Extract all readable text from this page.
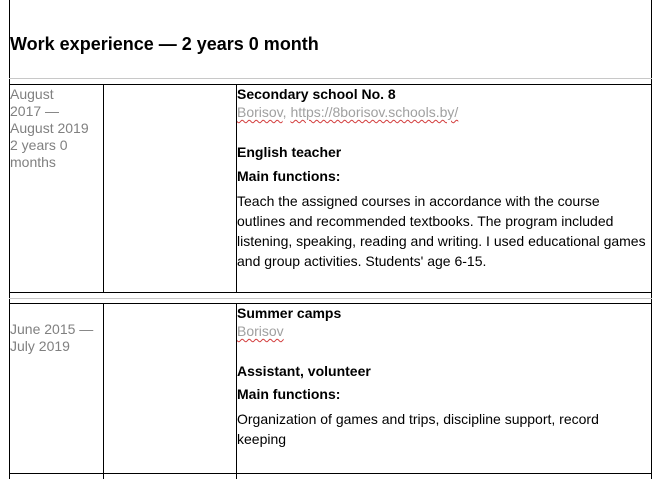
Work experience — 2 years 0 month
August
2017 —
August 2019
2 years 0
months
Secondary school No. 8
Borisov, https://8borisov.schools.by/
English teacher
Main functions:
Teach the assigned courses in accordance with the course outlines and recommended textbooks. The program included listening, speaking, reading and writing. I used educational games and group activities. Students' age 6-15.
June 2015 —
July 2019
Summer camps
Borisov
Assistant, volunteer
Main functions:
Organization of games and trips, discipline support, record keeping
